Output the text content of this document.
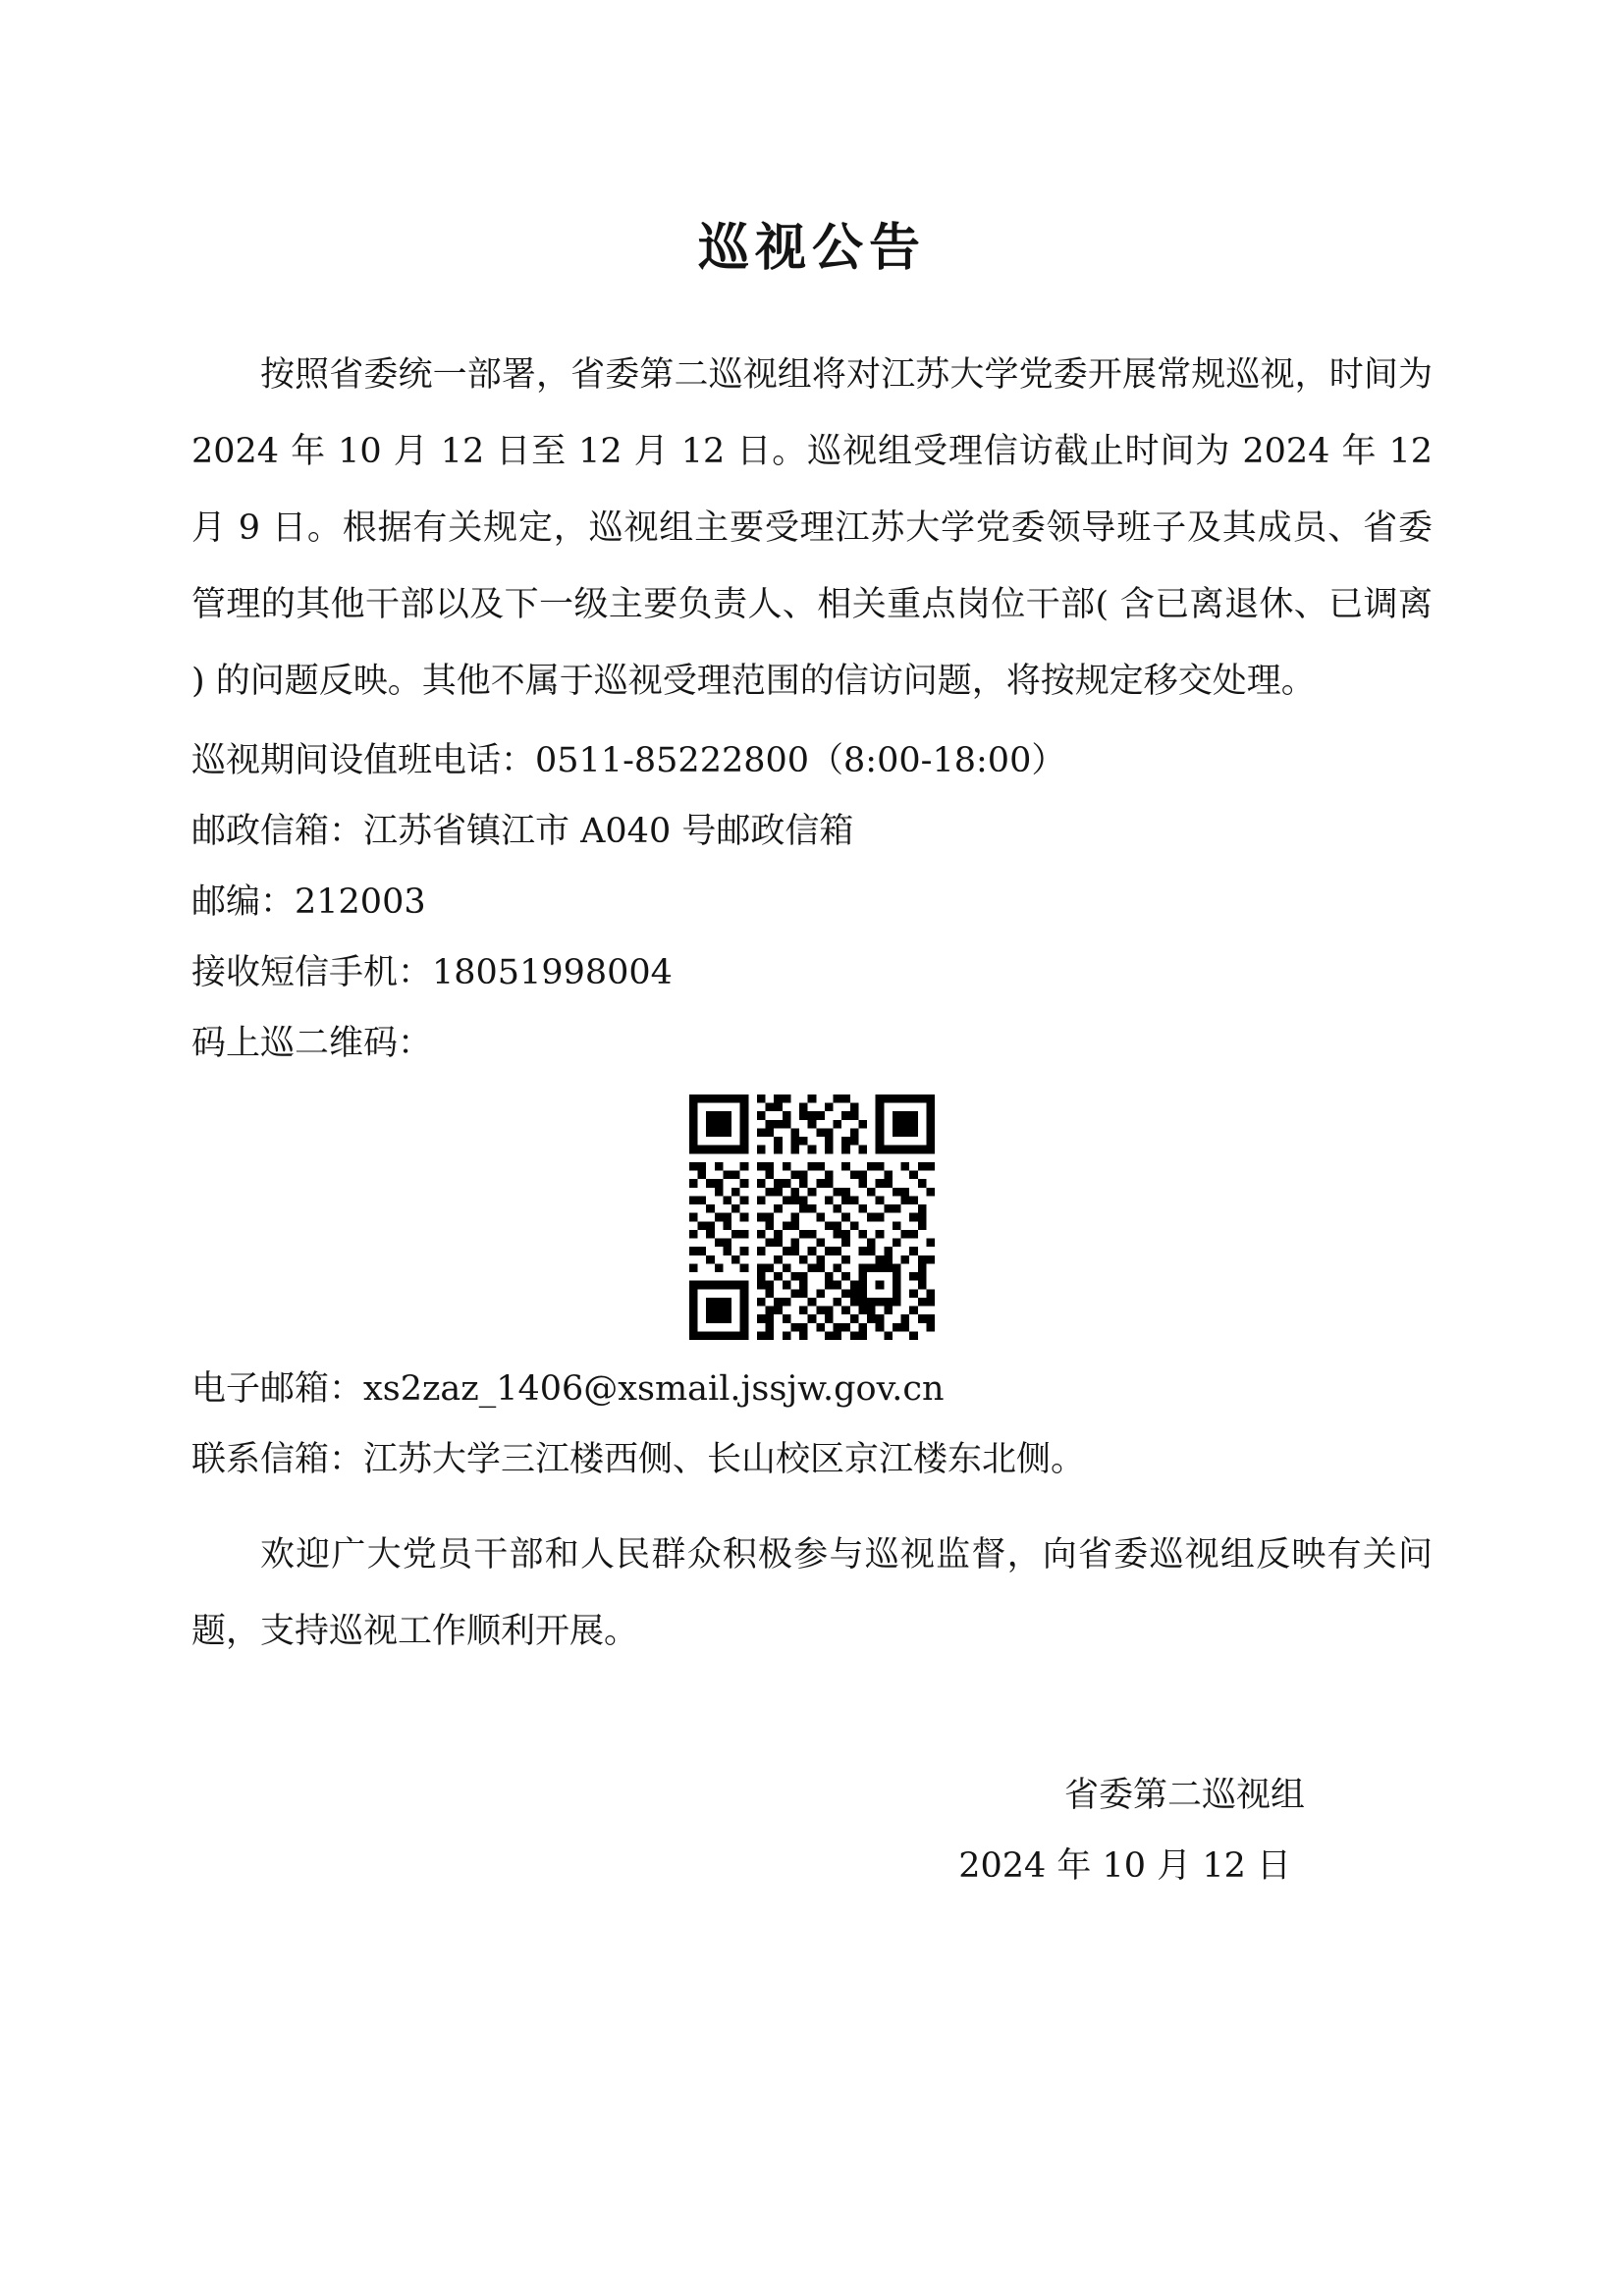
巡视公告
按照省委统一部署，省委第二巡视组将对江苏大学党委开展常规巡视，时间为 2024 年 10 月 12 日至 12 月 12 日。巡视组受理信访截止时间为 2024 年 12 月 9 日。根据有关规定，巡视组主要受理江苏大学党委领导班子及其成员、省委管理的其他干部以及下一级主要负责人、相关重点岗位干部( 含已离退休、已调离 ) 的问题反映。其他不属于巡视受理范围的信访问题，将按规定移交处理。
巡视期间设值班电话：0511-85222800（8:00-18:00）
邮政信箱：江苏省镇江市 A040 号邮政信箱
邮编：212003
接收短信手机：18051998004
码上巡二维码：
电子邮箱：xs2zaz_1406@xsmail.jssjw.gov.cn
联系信箱：江苏大学三江楼西侧、长山校区京江楼东北侧。
欢迎广大党员干部和人民群众积极参与巡视监督，向省委巡视组反映有关问题，支持巡视工作顺利开展。
省委第二巡视组
2024 年 10 月 12 日
